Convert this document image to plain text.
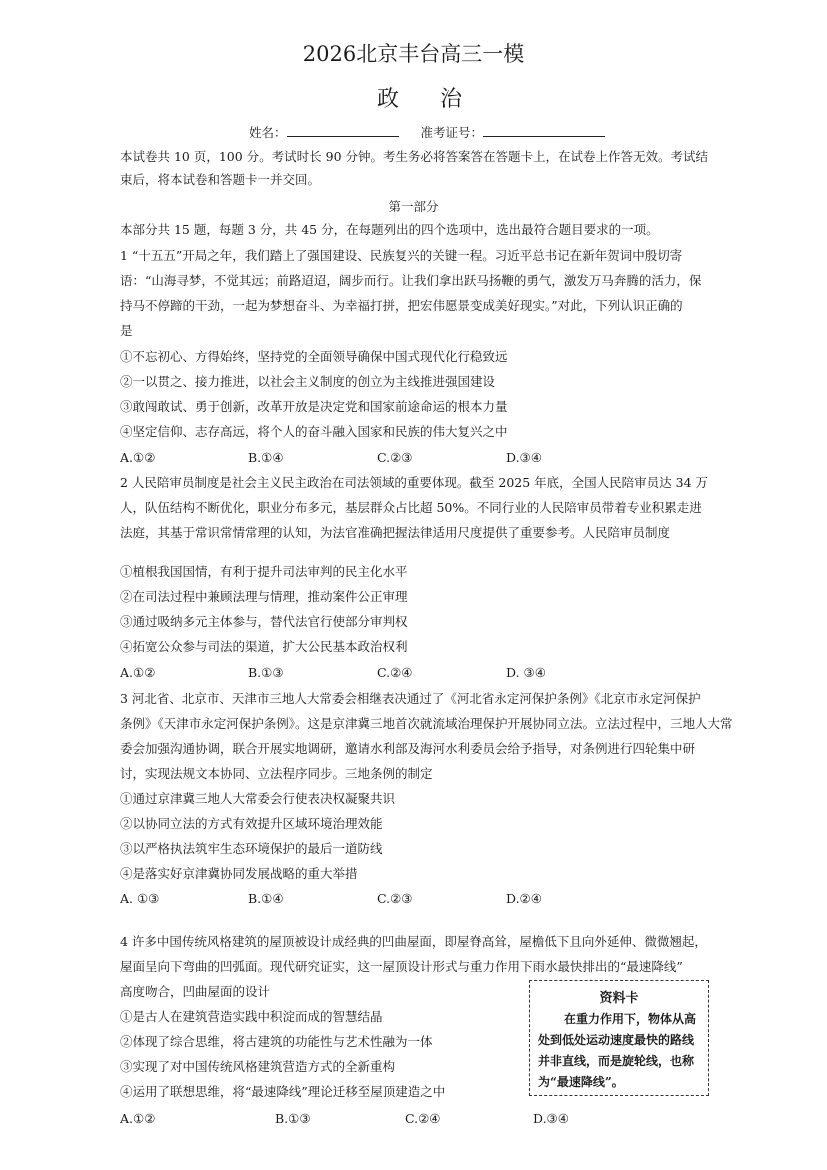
2026北京丰台高三一模
政 治
姓名：	准考证号：
本试卷共 10 页，100 分。考试时长 90 分钟。考生务必将答案答在答题卡上，在试卷上作答无效。考试结
束后，将本试卷和答题卡一并交回。
第一部分
本部分共 15 题，每题 3 分，共 45 分，在每题列出的四个选项中，选出最符合题目要求的一项。
1 “十五五”开局之年，我们踏上了强国建设、民族复兴的关键一程。习近平总书记在新年贺词中殷切寄
语：“山海寻梦，不觉其远；前路迢迢，阔步而行。让我们拿出跃马扬鞭的勇气，激发万马奔腾的活力，保
持马不停蹄的干劲，一起为梦想奋斗、为幸福打拼，把宏伟愿景变成美好现实。”对此，下列认识正确的
是
①不忘初心、方得始终，坚持党的全面领导确保中国式现代化行稳致远
②一以贯之、接力推进，以社会主义制度的创立为主线推进强国建设
③敢闯敢试、勇于创新，改革开放是决定党和国家前途命运的根本力量
④坚定信仰、志存高远，将个人的奋斗融入国家和民族的伟大复兴之中
A.①②	B.①④	C.②③	D.③④
2 人民陪审员制度是社会主义民主政治在司法领域的重要体现。截至 2025 年底，全国人民陪审员达 34 万
人，队伍结构不断优化，职业分布多元，基层群众占比超 50%。不同行业的人民陪审员带着专业积累走进
法庭，其基于常识常情常理的认知，为法官准确把握法律适用尺度提供了重要参考。人民陪审员制度
①植根我国国情，有利于提升司法审判的民主化水平
②在司法过程中兼顾法理与情理，推动案件公正审理
③通过吸纳多元主体参与，替代法官行使部分审判权
④拓宽公众参与司法的渠道，扩大公民基本政治权利
A.①②	B.①③	C.②④	D. ③④
3 河北省、北京市、天津市三地人大常委会相继表决通过了《河北省永定河保护条例》《北京市永定河保护
条例》《天津市永定河保护条例》。这是京津冀三地首次就流域治理保护开展协同立法。立法过程中，三地人大常
委会加强沟通协调，联合开展实地调研，邀请水利部及海河水利委员会给予指导，对条例进行四轮集中研
讨，实现法规文本协同、立法程序同步。三地条例的制定
①通过京津冀三地人大常委会行使表决权凝聚共识
②以协同立法的方式有效提升区域环境治理效能
③以严格执法筑牢生态环境保护的最后一道防线
④是落实好京津冀协同发展战略的重大举措
A. ①③	B.①④	C.②③	D.②④
4 许多中国传统风格建筑的屋顶被设计成经典的凹曲屋面，即屋脊高耸，屋檐低下且向外延伸、微微翘起，
屋面呈向下弯曲的凹弧面。现代研究证实，这一屋顶设计形式与重力作用下雨水最快排出的“最速降线”
高度吻合，凹曲屋面的设计
①是古人在建筑营造实践中积淀而成的智慧结晶
②体现了综合思维，将古建筑的功能性与艺术性融为一体
③实现了对中国传统风格建筑营造方式的全新重构
④运用了联想思维，将“最速降线”理论迁移至屋顶建造之中
A.①②	B.①③	C.②④	D.③④
资料卡
在重力作用下，物体从高处到低处运动速度最快的路线并非直线，而是旋轮线，也称为“最速降线”。
